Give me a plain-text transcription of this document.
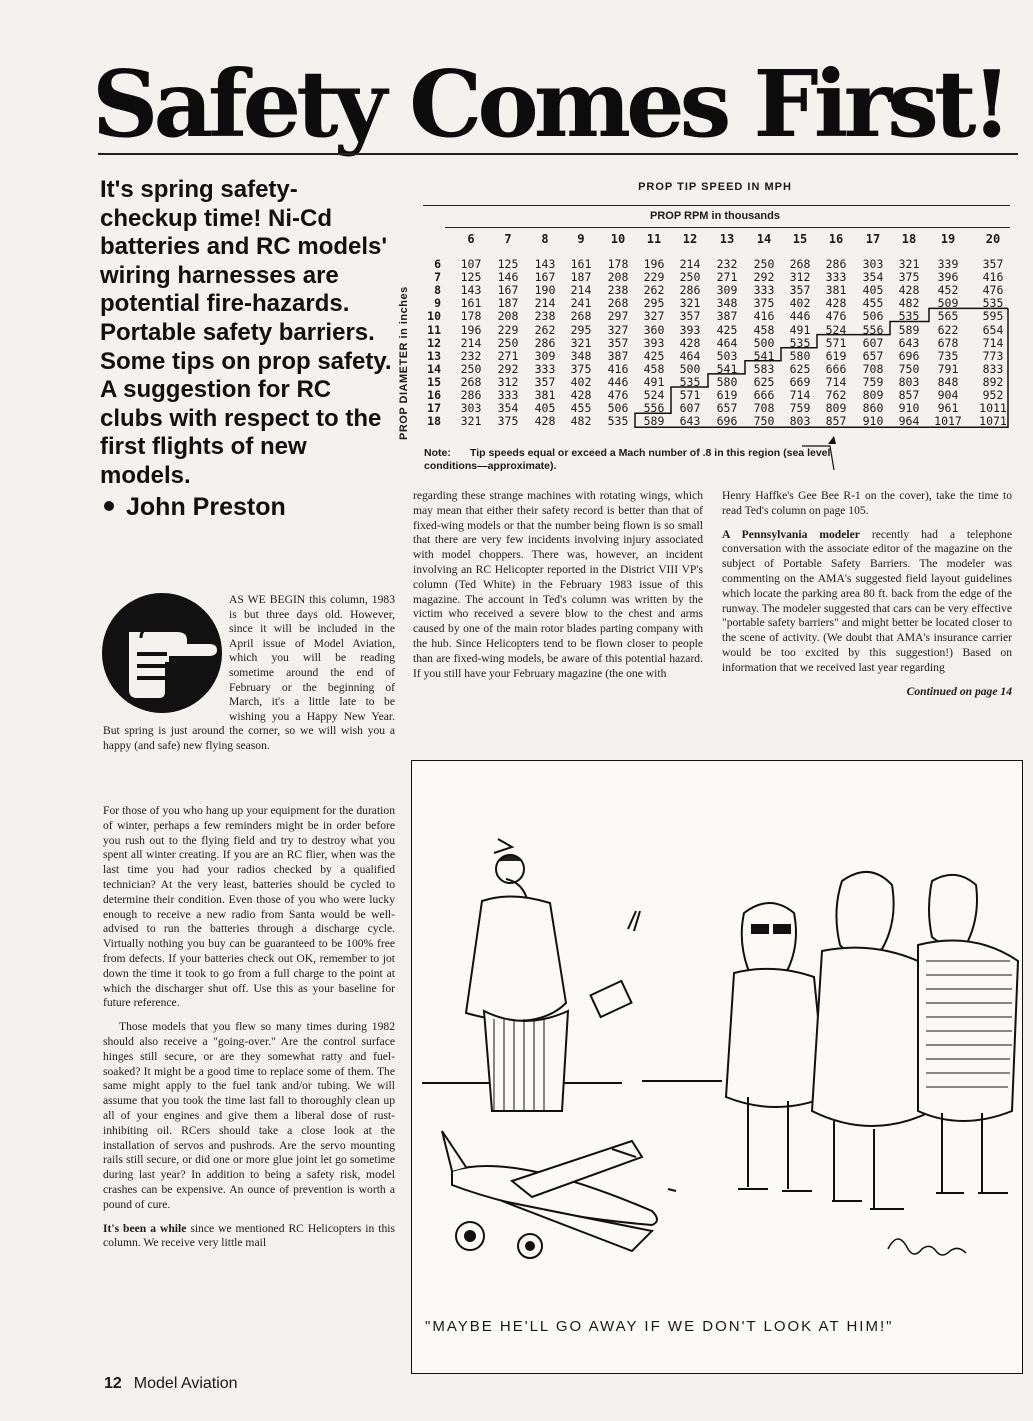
Safety Comes First!
It's spring safety-checkup time! Ni-Cd batteries and RC models' wiring harnesses are potential fire-hazards. Portable safety barriers. Some tips on prop safety. A suggestion for RC clubs with respect to the first flights of new models.
John Preston
AS WE BEGIN this column, 1983 is but three days old. However, since it will be included in the April issue of Model Aviation, which you will be reading sometime around the end of February or the beginning of March, it's a little late to be wishing you a Happy New Year. But spring is just around the corner, so we will wish you a happy (and safe) new flying season.

For those of you who hang up your equipment for the duration of winter, perhaps a few reminders might be in order before you rush out to the flying field and try to destroy what you spent all winter creating. If you are an RC flier, when was the last time you had your radios checked by a qualified technician? At the very least, batteries should be cycled to determine their condition. Even those of you who were lucky enough to receive a new radio from Santa would be well-advised to run the batteries through a discharge cycle. Virtually nothing you buy can be guaranteed to be 100% free from defects. If your batteries check out OK, remember to jot down the time it took to go from a full charge to the point at which the discharger shut off. Use this as your baseline for future reference.

Those models that you flew so many times during 1982 should also receive a "going-over." Are the control surface hinges still secure, or are they somewhat ratty and fuel-soaked? It might be a good time to replace some of them. The same might apply to the fuel tank and/or tubing. We will assume that you took the time last fall to thoroughly clean up all of your engines and give them a liberal dose of rust-inhibiting oil. RCers should take a close look at the installation of servos and pushrods. Are the servo mounting rails still secure, or did one or more glue joint let go sometime during last year? In addition to being a safety risk, model crashes can be expensive. An ounce of prevention is worth a pound of cure.

It's been a while since we mentioned RC Helicopters in this column. We receive very little mail

PROP TIP SPEED IN MPH
PROP RPM in thousands
6	7	8	9	10	11	12	13	14	15	16	17	18	19	20
PROP DIAMETER in inches
6	107	125	143	161	178	196	214	232	250	268	286	303	321	339	357
7	125	146	167	187	208	229	250	271	292	312	333	354	375	396	416
8	143	167	190	214	238	262	286	309	333	357	381	405	428	452	476
9	161	187	214	241	268	295	321	348	375	402	428	455	482	509	535
10	178	208	238	268	297	327	357	387	416	446	476	506	535	565	595
11	196	229	262	295	327	360	393	425	458	491	524	556	589	622	654
12	214	250	286	321	357	393	428	464	500	535	571	607	643	678	714
13	232	271	309	348	387	425	464	503	541	580	619	657	696	735	773
14	250	292	333	375	416	458	500	541	583	625	666	708	750	791	833
15	268	312	357	402	446	491	535	580	625	669	714	759	803	848	892
16	286	333	381	428	476	524	571	619	666	714	762	809	857	904	952
17	303	354	405	455	506	556	607	657	708	759	809	860	910	961	1011
18	321	375	428	482	535	589	643	696	750	803	857	910	964	1017	1071
Note: Tip speeds equal or exceed a Mach number of .8 in this region (sea level conditions—approximate).

regarding these strange machines with rotating wings, which may mean that either their safety record is better than that of fixed-wing models or that the number being flown is so small that there are very few incidents involving injury associated with model choppers. There was, however, an incident involving an RC Helicopter reported in the District VIII VP's column (Ted White) in the February 1983 issue of this magazine. The account in Ted's column was written by the victim who received a severe blow to the chest and arms caused by one of the main rotor blades parting company with the hub. Since Helicopters tend to be flown closer to people than are fixed-wing models, be aware of this potential hazard. If you still have your February magazine (the one with

Henry Haffke's Gee Bee R-1 on the cover), take the time to read Ted's column on page 105.

A Pennsylvania modeler recently had a telephone conversation with the associate editor of the magazine on the subject of Portable Safety Barriers. The modeler was commenting on the AMA's suggested field layout guidelines which locate the parking area 80 ft. back from the edge of the runway. The modeler suggested that cars can be very effective "portable safety barriers" and might better be located closer to the scene of activity. (We doubt that AMA's insurance carrier would be too excited by this suggestion!) Based on information that we received last year regarding

Continued on page 14
"MAYBE HE'LL GO AWAY IF WE DON'T LOOK AT HIM!"
12 Model Aviation
